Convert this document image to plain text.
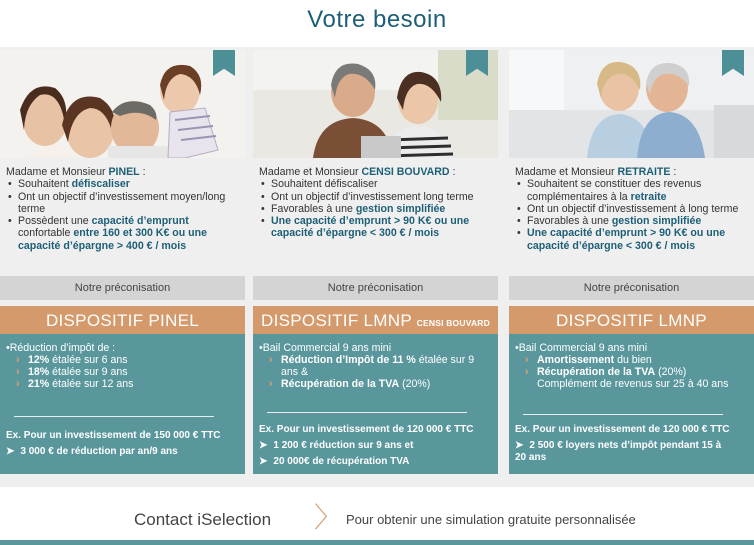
Votre besoin
Madame et Monsieur PINEL :
• Souhaitent défiscaliser
• Ont un objectif d’investissement moyen/long terme
• Possèdent une capacité d’emprunt confortable entre 160 et 300 K€ ou une capacité d’épargne > 400 € / mois
Notre préconisation
DISPOSITIF PINEL
•Réduction d’impôt de :
› 12% étalée sur 6 ans
› 18% étalée sur 9 ans
› 21% étalée sur 12 ans
Ex. Pour un investissement de 150 000 € TTC
➤ 3 000 € de réduction par an/9 ans
Madame et Monsieur CENSI BOUVARD :
• Souhaitent défiscaliser
• Ont un objectif d’investissement long terme
• Favorables à une gestion simplifiée
• Une capacité d’emprunt > 90 K€ ou une capacité d’épargne < 300 € / mois
Notre préconisation
DISPOSITIF LMNP CENSI BOUVARD
•Bail Commercial 9 ans mini
› Réduction d’Impôt de 11 % étalée sur 9 ans &
› Récupération de la TVA (20%)
Ex. Pour un investissement de 120 000 € TTC
➤ 1 200 € réduction sur 9 ans et
➤ 20 000€ de récupération TVA
Madame et Monsieur RETRAITE :
• Souhaitent se constituer des revenus complémentaires à la retraite
• Ont un objectif d’investissement à long terme
• Favorables à une gestion simplifiée
• Une capacité d’emprunt > 90 K€ ou une capacité d’épargne < 300 € / mois
Notre préconisation
DISPOSITIF LMNP
•Bail Commercial 9 ans mini
› Amortissement du bien
› Récupération de la TVA (20%) Complément de revenus sur 25 à 40 ans
Ex. Pour un investissement de 120 000 € TTC
➤ 2 500 € loyers nets d’impôt pendant 15 à 20 ans
Contact iSelection 〉 Pour obtenir une simulation gratuite personnalisée
